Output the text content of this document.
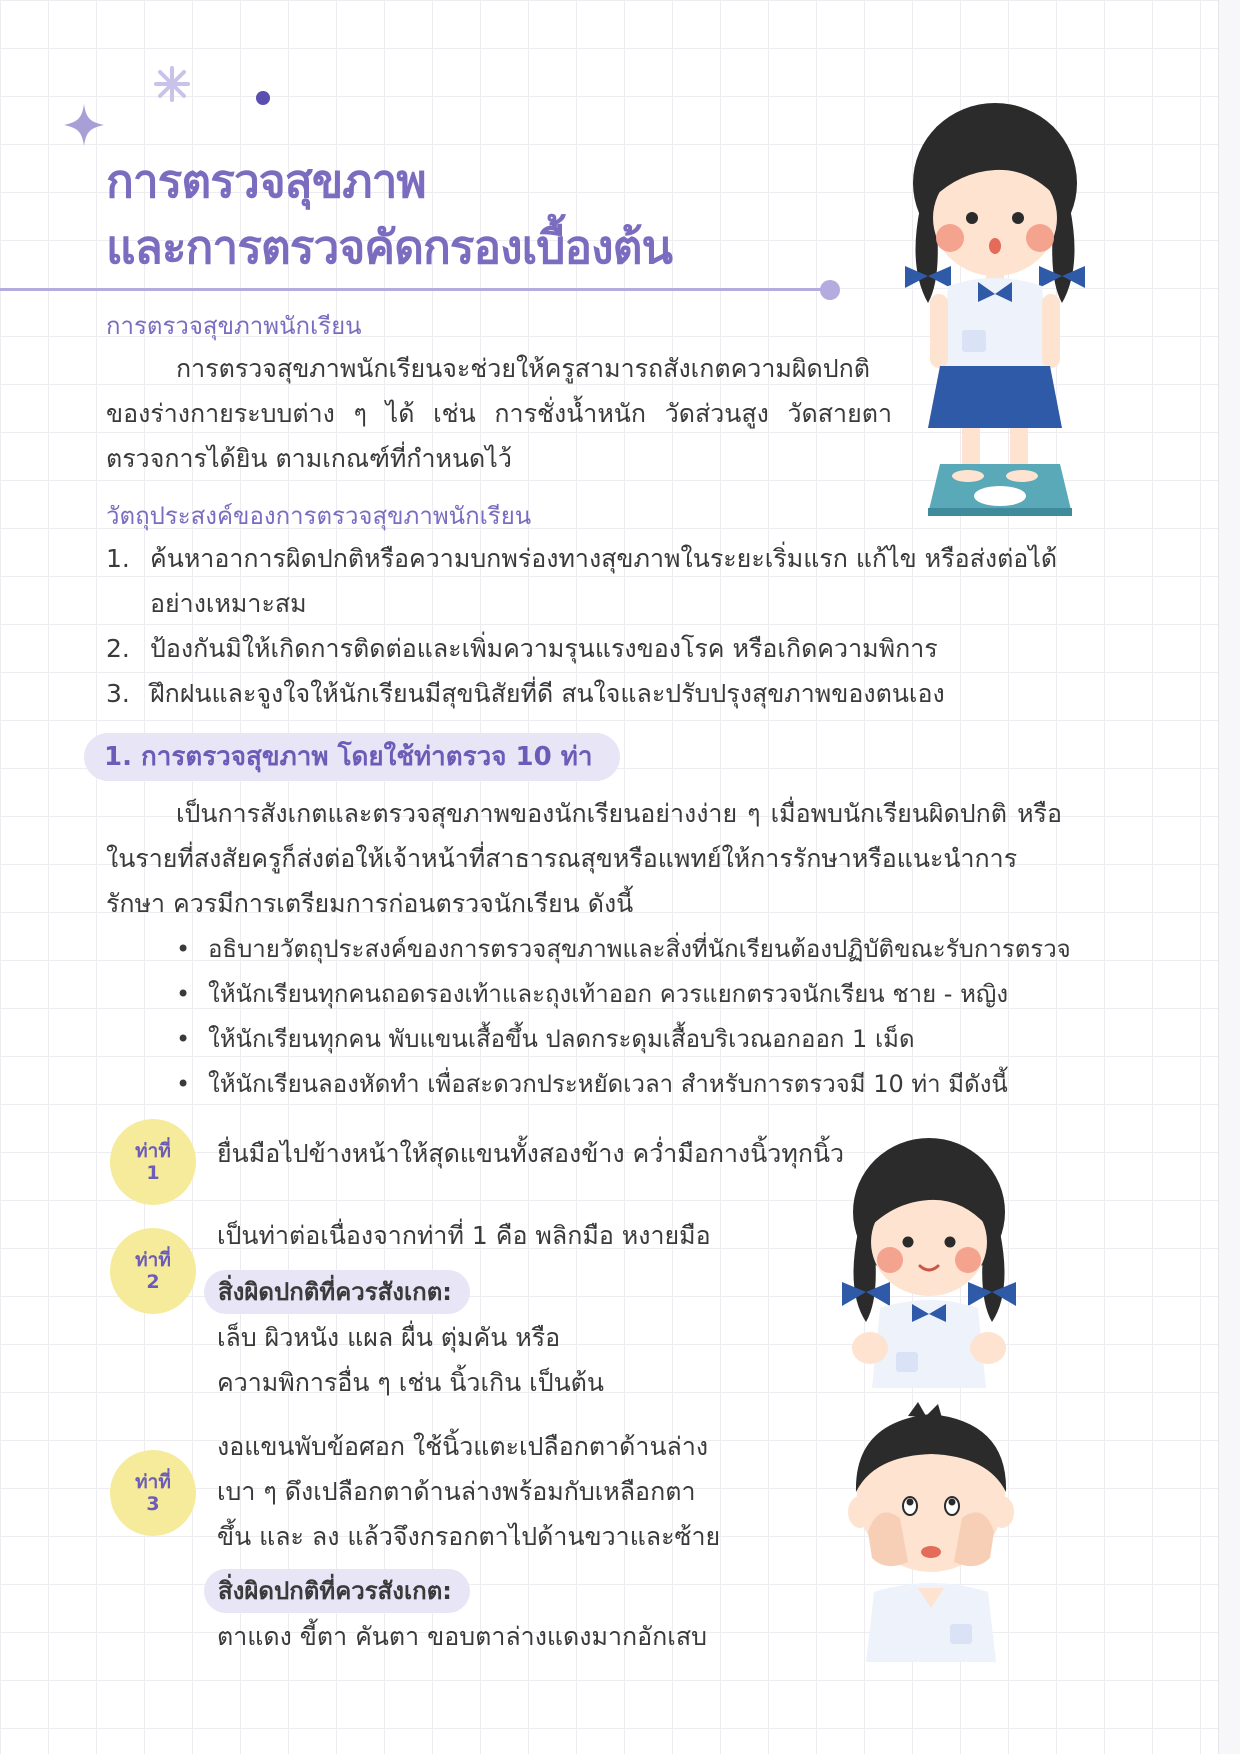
การตรวจสุขภาพ
และการตรวจคัดกรองเบื้องต้น
การตรวจสุขภาพนักเรียน
การตรวจสุขภาพนักเรียนจะช่วยให้ครูสามารถสังเกตความผิดปกติของร่างกายระบบต่าง ๆ ได้ เช่น การชั่งน้ำหนัก วัดส่วนสูง วัดสายตา ตรวจการได้ยิน ตามเกณฑ์ที่กำหนดไว้
วัตถุประสงค์ของการตรวจสุขภาพนักเรียน
1. ค้นหาอาการผิดปกติหรือความบกพร่องทางสุขภาพในระยะเริ่มแรก แก้ไข หรือส่งต่อได้อย่างเหมาะสม
2. ป้องกันมิให้เกิดการติดต่อและเพิ่มความรุนแรงของโรค หรือเกิดความพิการ
3. ฝึกฝนและจูงใจให้นักเรียนมีสุขนิสัยที่ดี สนใจและปรับปรุงสุขภาพของตนเอง
1. การตรวจสุขภาพ โดยใช้ท่าตรวจ 10 ท่า
เป็นการสังเกตและตรวจสุขภาพของนักเรียนอย่างง่าย ๆ เมื่อพบนักเรียนผิดปกติ หรือในรายที่สงสัยครูก็ส่งต่อให้เจ้าหน้าที่สาธารณสุขหรือแพทย์ให้การรักษาหรือแนะนำการรักษา ควรมีการเตรียมการก่อนตรวจนักเรียน ดังนี้
• อธิบายวัตถุประสงค์ของการตรวจสุขภาพและสิ่งที่นักเรียนต้องปฏิบัติขณะรับการตรวจ
• ให้นักเรียนทุกคนถอดรองเท้าและถุงเท้าออก ควรแยกตรวจนักเรียน ชาย - หญิง
• ให้นักเรียนทุกคน พับแขนเสื้อขึ้น ปลดกระดุมเสื้อบริเวณอกออก 1 เม็ด
• ให้นักเรียนลองหัดทำ เพื่อสะดวกประหยัดเวลา สำหรับการตรวจมี 10 ท่า มีดังนี้
ท่าที่
1
ยื่นมือไปข้างหน้าให้สุดแขนทั้งสองข้าง คว่ำมือกางนิ้วทุกนิ้ว
ท่าที่
2
เป็นท่าต่อเนื่องจากท่าที่ 1 คือ พลิกมือ หงายมือ
สิ่งผิดปกติที่ควรสังเกต:
เล็บ ผิวหนัง แผล ผื่น ตุ่มคัน หรือ
ความพิการอื่น ๆ เช่น นิ้วเกิน เป็นต้น
ท่าที่
3
งอแขนพับข้อศอก ใช้นิ้วแตะเปลือกตาด้านล่าง
เบา ๆ ดึงเปลือกตาด้านล่างพร้อมกับเหลือกตา
ขึ้น และ ลง แล้วจึงกรอกตาไปด้านขวาและซ้าย
สิ่งผิดปกติที่ควรสังเกต:
ตาแดง ขี้ตา คันตา ขอบตาล่างแดงมากอักเสบ
